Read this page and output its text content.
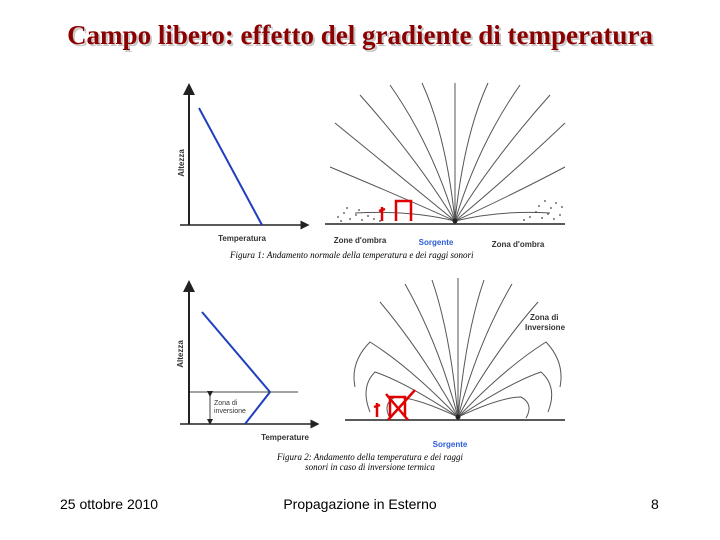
Campo libero: effetto del gradiente di temperatura
Altezza
Temperatura	Zone d'ombra	Sorgente	Zona d'ombra
Figura 1: Andamento normale della temperatura e dei raggi sonori
Altezza
Zona di
inversione
Temperature
Zona di
Inversione
Sorgente
Figura 2: Andamento della temperatura e dei raggi
sonori in caso di inversione termica
25 ottobre 2010	Propagazione in Esterno	8
